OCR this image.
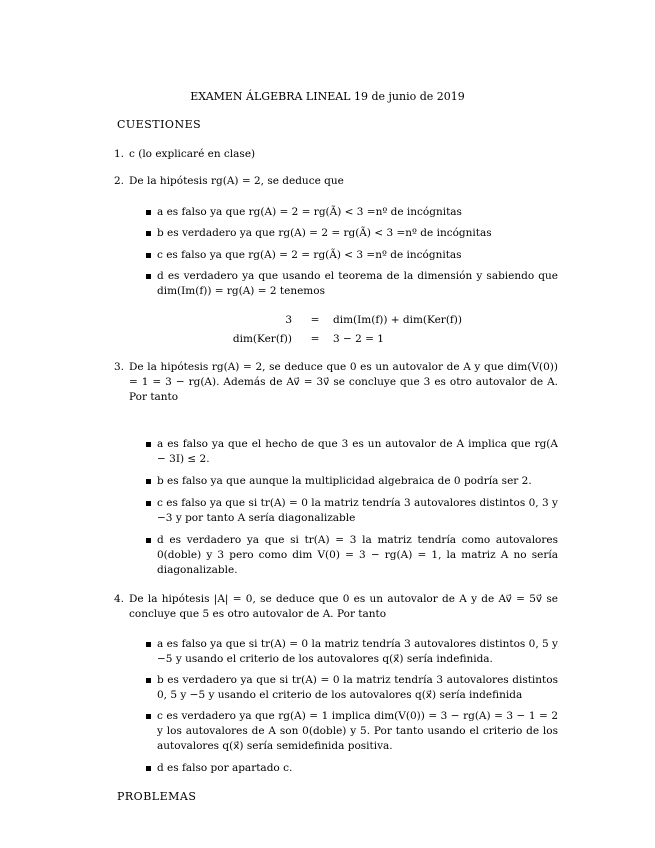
EXAMEN ÁLGEBRA LINEAL 19 de junio de 2019
CUESTIONES
1. c (lo explicaré en clase)
2. De la hipótesis rg(A) = 2, se deduce que
a es falso ya que rg(A) = 2 = rg(Ã) < 3 =nº de incógnitas
b es verdadero ya que rg(A) = 2 = rg(Ã) < 3 =nº de incógnitas
c es falso ya que rg(A) = 2 = rg(Ã) < 3 =nº de incógnitas
d es verdadero ya que usando el teorema de la dimensión y sabiendo que dim(Im(f)) = rg(A) = 2 tenemos
3	=	dim(Im(f)) + dim(Ker(f))
dim(Ker(f))	=	3 − 2 = 1
3. De la hipótesis rg(A) = 2, se deduce que 0 es un autovalor de A y que dim(V(0)) = 1 = 3 − rg(A). Además de Av⃗ = 3v⃗ se concluye que 3 es otro autovalor de A. Por tanto
a es falso ya que el hecho de que 3 es un autovalor de A implica que rg(A − 3I) ≤ 2.
b es falso ya que aunque la multiplicidad algebraica de 0 podría ser 2.
c es falso ya que si tr(A) = 0 la matriz tendría 3 autovalores distintos 0, 3 y −3 y por tanto A sería diagonalizable
d es verdadero ya que si tr(A) = 3 la matriz tendría como autovalores 0(doble) y 3 pero como dim V(0) = 3 − rg(A) = 1, la matriz A no sería diagonalizable.
4. De la hipótesis |A| = 0, se deduce que 0 es un autovalor de A y de Av⃗ = 5v⃗ se concluye que 5 es otro autovalor de A. Por tanto
a es falso ya que si tr(A) = 0 la matriz tendría 3 autovalores distintos 0, 5 y −5 y usando el criterio de los autovalores q(x⃗) sería indefinida.
b es verdadero ya que si tr(A) = 0 la matriz tendría 3 autovalores distintos 0, 5 y −5 y usando el criterio de los autovalores q(x⃗) sería indefinida
c es verdadero ya que rg(A) = 1 implica dim(V(0)) = 3 − rg(A) = 3 − 1 = 2 y los autovalores de A son 0(doble) y 5. Por tanto usando el criterio de los autovalores q(x⃗) sería semidefinida positiva.
d es falso por apartado c.
PROBLEMAS
